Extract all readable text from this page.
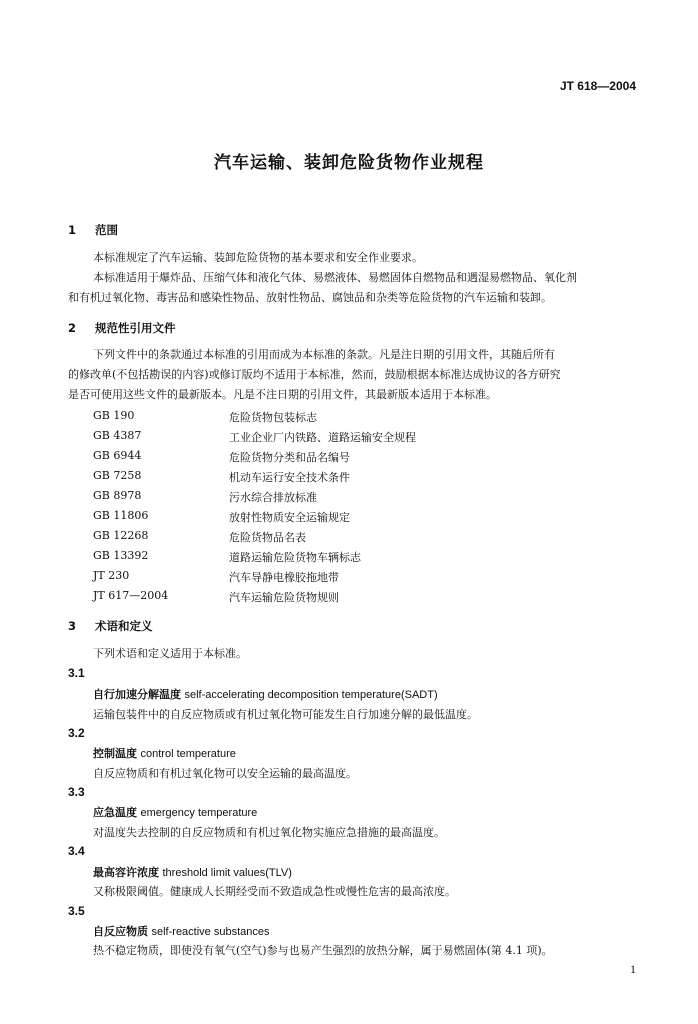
JT 618—2004
汽车运输、装卸危险货物作业规程
1 范围
本标准规定了汽车运输、装卸危险货物的基本要求和安全作业要求。
本标准适用于爆炸品、压缩气体和液化气体、易燃液体、易燃固体自燃物品和遇湿易燃物品、氧化剂
和有机过氧化物、毒害品和感染性物品、放射性物品、腐蚀品和杂类等危险货物的汽车运输和装卸。
2 规范性引用文件
下列文件中的条款通过本标准的引用而成为本标准的条款。凡是注日期的引用文件，其随后所有
的修改单(不包括勘误的内容)或修订版均不适用于本标准，然而，鼓励根据本标准达成协议的各方研究
是否可使用这些文件的最新版本。凡是不注日期的引用文件，其最新版本适用于本标准。
GB 190	危险货物包装标志
GB 4387	工业企业厂内铁路、道路运输安全规程
GB 6944	危险货物分类和品名编号
GB 7258	机动车运行安全技术条件
GB 8978	污水综合排放标准
GB 11806	放射性物质安全运输规定
GB 12268	危险货物品名表
GB 13392	道路运输危险货物车辆标志
JT 230	汽车导静电橡胶拖地带
JT 617—2004	汽车运输危险货物规则
3 术语和定义
下列术语和定义适用于本标准。
3.1
自行加速分解温度 self-accelerating decomposition temperature(SADT)
运输包装件中的自反应物质或有机过氧化物可能发生自行加速分解的最低温度。
3.2
控制温度 control temperature
自反应物质和有机过氧化物可以安全运输的最高温度。
3.3
应急温度 emergency temperature
对温度失去控制的自反应物质和有机过氧化物实施应急措施的最高温度。
3.4
最高容许浓度 threshold limit values(TLV)
又称极限阈值。健康成人长期经受而不致造成急性或慢性危害的最高浓度。
3.5
自反应物质 self-reactive substances
热不稳定物质，即使没有氧气(空气)参与也易产生强烈的放热分解，属于易燃固体(第 4.1 项)。
1
